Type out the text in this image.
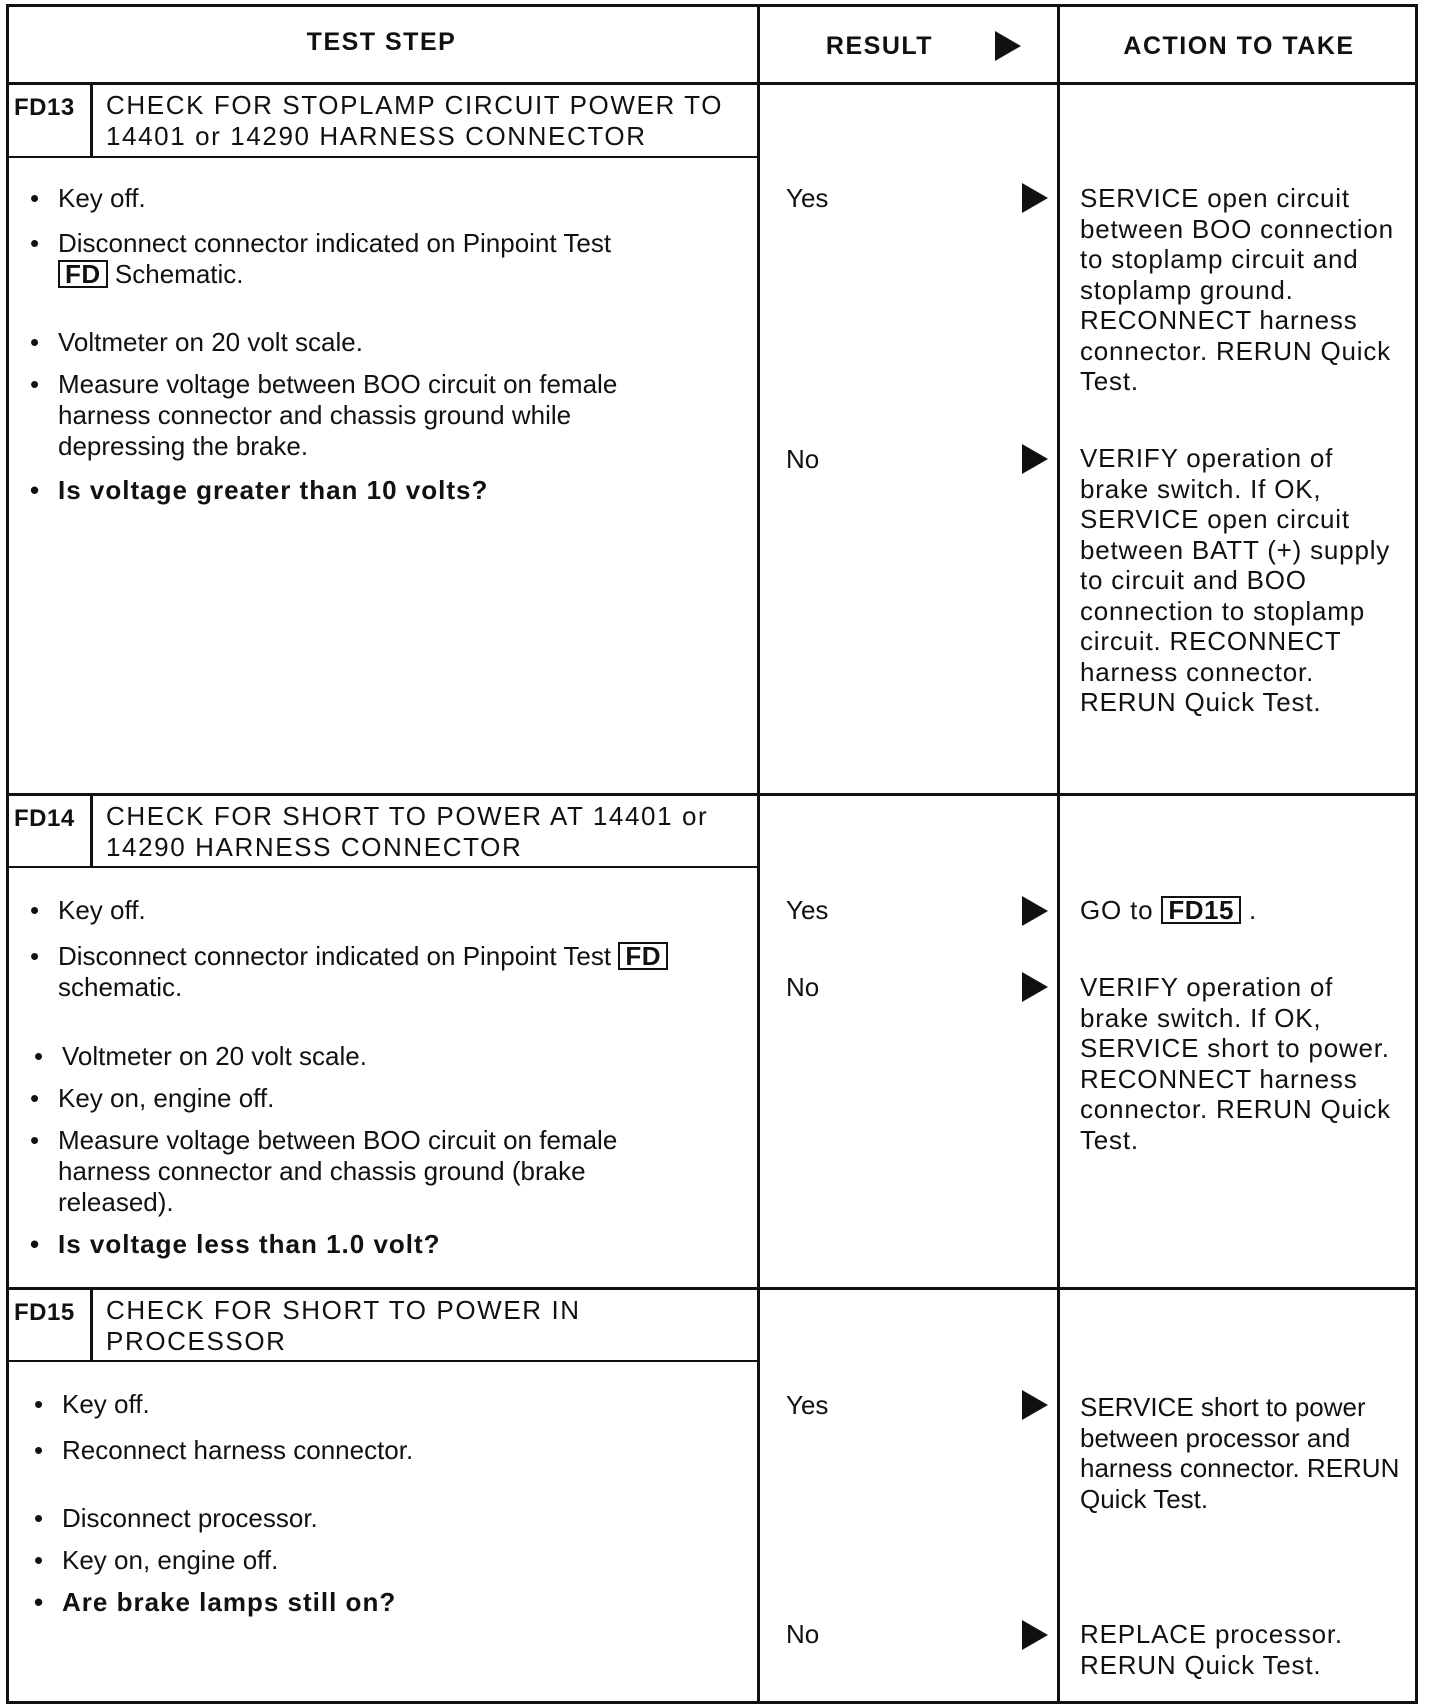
TEST STEP	RESULT	ACTION TO TAKE
FD13 CHECK FOR STOPLAMP CIRCUIT POWER TO 14401 or 14290 HARNESS CONNECTOR
• Key off.
• Disconnect connector indicated on Pinpoint Test FD Schematic.
• Voltmeter on 20 volt scale.
• Measure voltage between BOO circuit on female harness connector and chassis ground while depressing the brake.
• Is voltage greater than 10 volts?
Yes	SERVICE open circuit between BOO connection to stoplamp circuit and stoplamp ground. RECONNECT harness connector. RERUN Quick Test.
No	VERIFY operation of brake switch. If OK, SERVICE open circuit between BATT (+) supply to circuit and BOO connection to stoplamp circuit. RECONNECT harness connector. RERUN Quick Test.
FD14 CHECK FOR SHORT TO POWER AT 14401 or 14290 HARNESS CONNECTOR
• Key off.
• Disconnect connector indicated on Pinpoint Test FD schematic.
• Voltmeter on 20 volt scale.
• Key on, engine off.
• Measure voltage between BOO circuit on female harness connector and chassis ground (brake released).
• Is voltage less than 1.0 volt?
Yes	GO to FD15 .
No	VERIFY operation of brake switch. If OK, SERVICE short to power. RECONNECT harness connector. RERUN Quick Test.
FD15 CHECK FOR SHORT TO POWER IN PROCESSOR
• Key off.
• Reconnect harness connector.
• Disconnect processor.
• Key on, engine off.
• Are brake lamps still on?
Yes	SERVICE short to power between processor and harness connector. RERUN Quick Test.
No	REPLACE processor. RERUN Quick Test.
